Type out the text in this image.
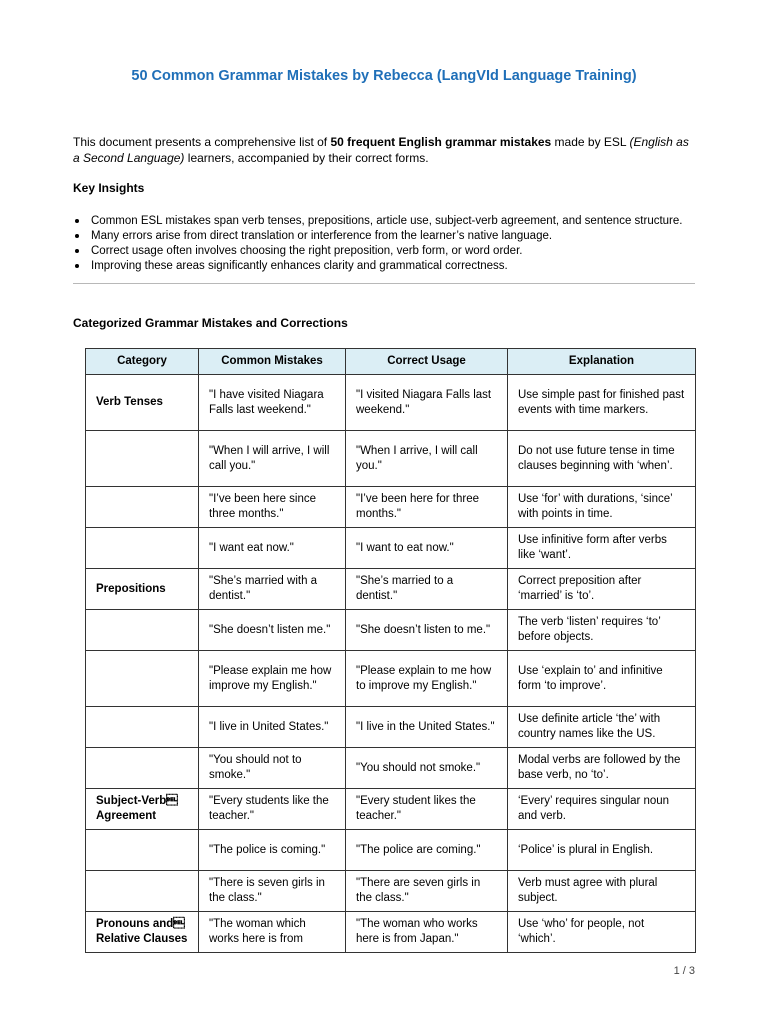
50 Common Grammar Mistakes by Rebecca (LangVId Language Training)
This document presents a comprehensive list of 50 frequent English grammar mistakes made by ESL (English as a Second Language) learners, accompanied by their correct forms.
Key Insights
Common ESL mistakes span verb tenses, prepositions, article use, subject-verb agreement, and sentence structure.
Many errors arise from direct translation or interference from the learner’s native language.
Correct usage often involves choosing the right preposition, verb form, or word order.
Improving these areas significantly enhances clarity and grammatical correctness.
Categorized Grammar Mistakes and Corrections
Category	Common Mistakes	Correct Usage	Explanation
Verb Tenses	"I have visited Niagara Falls last weekend."	"I visited Niagara Falls last weekend."	Use simple past for finished past events with time markers.
	"When I will arrive, I will call you."	"When I arrive, I will call you."	Do not use future tense in time clauses beginning with ‘when’.
	"I’ve been here since three months."	"I’ve been here for three months."	Use ‘for’ with durations, ‘since’ with points in time.
	"I want eat now."	"I want to eat now."	Use infinitive form after verbs like ‘want’.
Prepositions	"She’s married with a dentist."	"She’s married to a dentist."	Correct preposition after ‘married’ is ‘to’.
	"She doesn’t listen me."	"She doesn’t listen to me."	The verb ‘listen’ requires ‘to’ before objects.
	"Please explain me how improve my English."	"Please explain to me how to improve my English."	Use ‘explain to’ and infinitive form ‘to improve’.
	"I live in United States."	"I live in the United States."	Use definite article ‘the’ with country names like the US.
	"You should not to smoke."	"You should not smoke."	Modal verbs are followed by the base verb, no ‘to’.
Subject-Verb Agreement	"Every students like the teacher."	"Every student likes the teacher."	‘Every’ requires singular noun and verb.
	"The police is coming."	"The police are coming."	‘Police’ is plural in English.
	"There is seven girls in the class."	"There are seven girls in the class."	Verb must agree with plural subject.
Pronouns and Relative Clauses	"The woman which works here is from	"The woman who works here is from Japan."	Use ‘who’ for people, not ‘which’.
1 / 3
